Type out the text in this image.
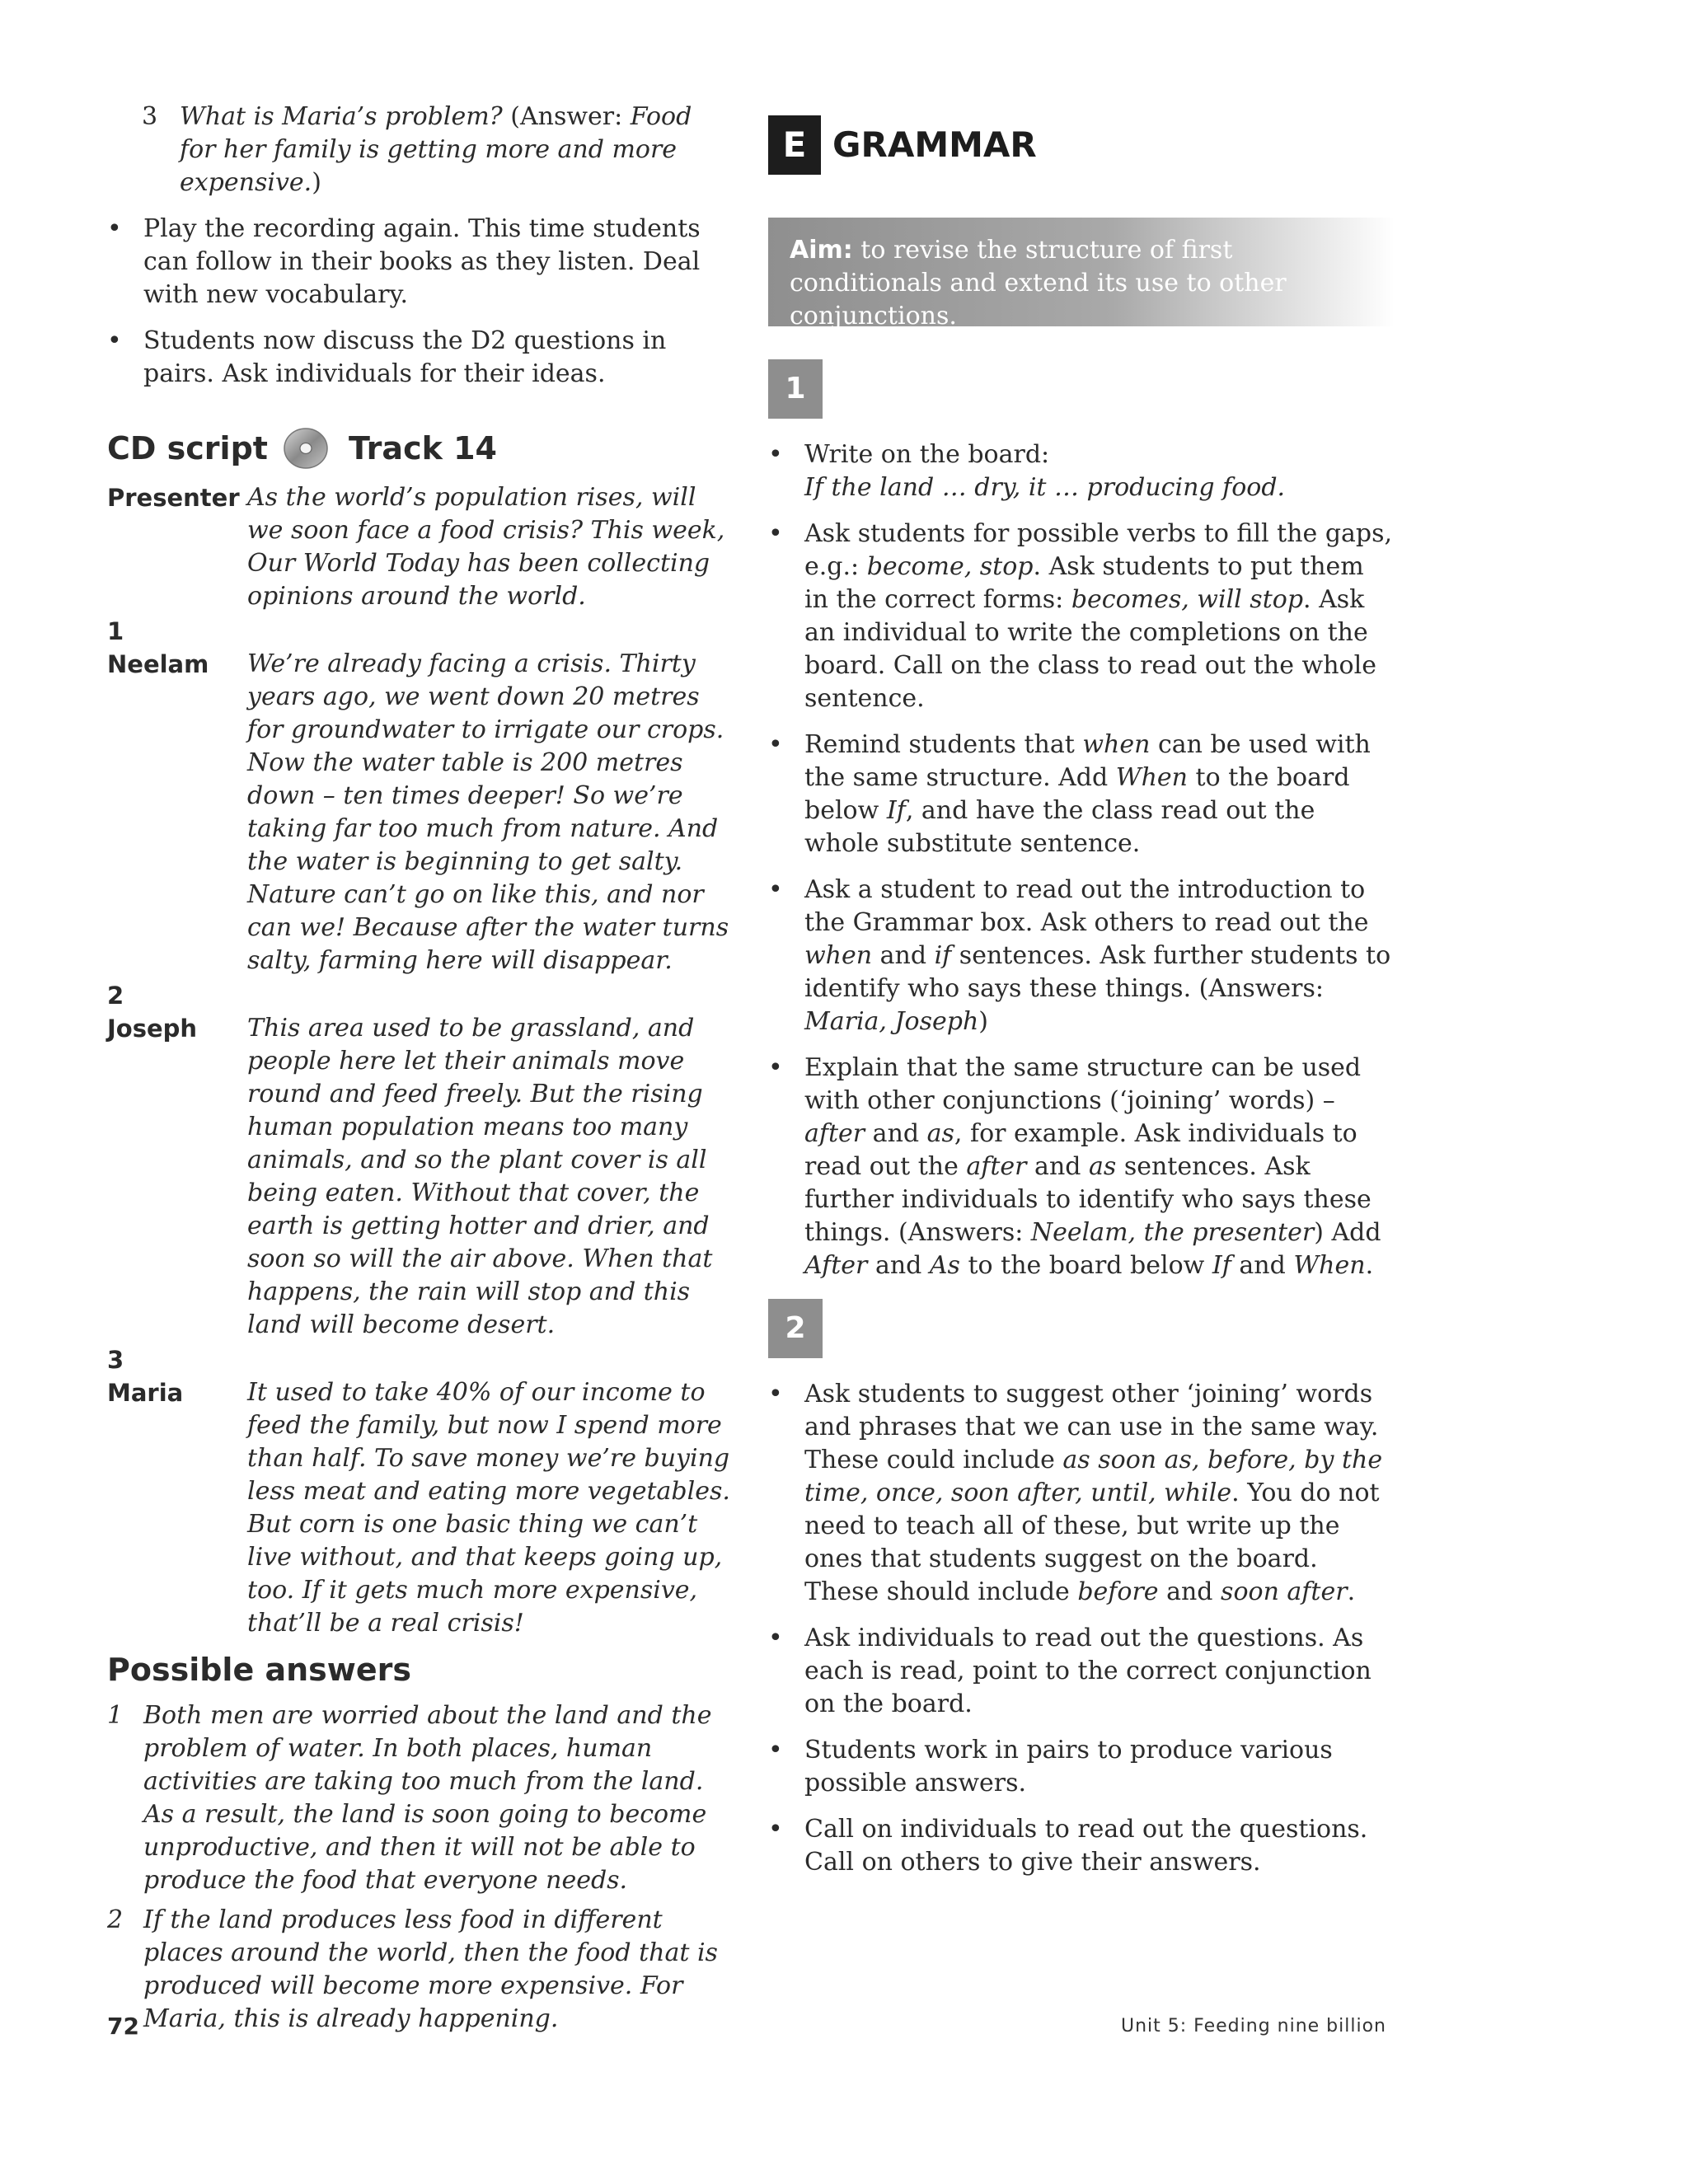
3 What is Maria’s problem? (Answer: Food for her family is getting more and more expensive.)
• Play the recording again. This time students can follow in their books as they listen. Deal with new vocabulary.
• Students now discuss the D2 questions in pairs. Ask individuals for their ideas.
CD script	Track 14
Presenter As the world’s population rises, will we soon face a food crisis? This week, Our World Today has been collecting opinions around the world.
1
Neelam	We’re already facing a crisis. Thirty years ago, we went down 20 metres for groundwater to irrigate our crops. Now the water table is 200 metres down – ten times deeper! So we’re taking far too much from nature. And the water is beginning to get salty. Nature can’t go on like this, and nor can we! Because after the water turns salty, farming here will disappear.
2
Joseph	This area used to be grassland, and people here let their animals move round and feed freely. But the rising human population means too many animals, and so the plant cover is all being eaten. Without that cover, the earth is getting hotter and drier, and soon so will the air above. When that happens, the rain will stop and this land will become desert.
3
Maria	It used to take 40% of our income to feed the family, but now I spend more than half. To save money we’re buying less meat and eating more vegetables. But corn is one basic thing we can’t live without, and that keeps going up, too. If it gets much more expensive, that’ll be a real crisis!
Possible answers
1 Both men are worried about the land and the problem of water. In both places, human activities are taking too much from the land. As a result, the land is soon going to become unproductive, and then it will not be able to produce the food that everyone needs.
2 If the land produces less food in different places around the world, then the food that is produced will become more expensive. For Maria, this is already happening.
E GRAMMAR
Aim: to revise the structure of first conditionals and extend its use to other conjunctions.
1
• Write on the board:
If the land … dry, it … producing food.
• Ask students for possible verbs to fill the gaps, e.g.: become, stop. Ask students to put them in the correct forms: becomes, will stop. Ask an individual to write the completions on the board. Call on the class to read out the whole sentence.
• Remind students that when can be used with the same structure. Add When to the board below If, and have the class read out the whole substitute sentence.
• Ask a student to read out the introduction to the Grammar box. Ask others to read out the when and if sentences. Ask further students to identify who says these things. (Answers: Maria, Joseph)
• Explain that the same structure can be used with other conjunctions (‘joining’ words) – after and as, for example. Ask individuals to read out the after and as sentences. Ask further individuals to identify who says these things. (Answers: Neelam, the presenter) Add After and As to the board below If and When.
2
• Ask students to suggest other ‘joining’ words and phrases that we can use in the same way. These could include as soon as, before, by the time, once, soon after, until, while. You do not need to teach all of these, but write up the ones that students suggest on the board. These should include before and soon after.
• Ask individuals to read out the questions. As each is read, point to the correct conjunction on the board.
• Students work in pairs to produce various possible answers.
• Call on individuals to read out the questions. Call on others to give their answers.
72	Unit 5: Feeding nine billion
